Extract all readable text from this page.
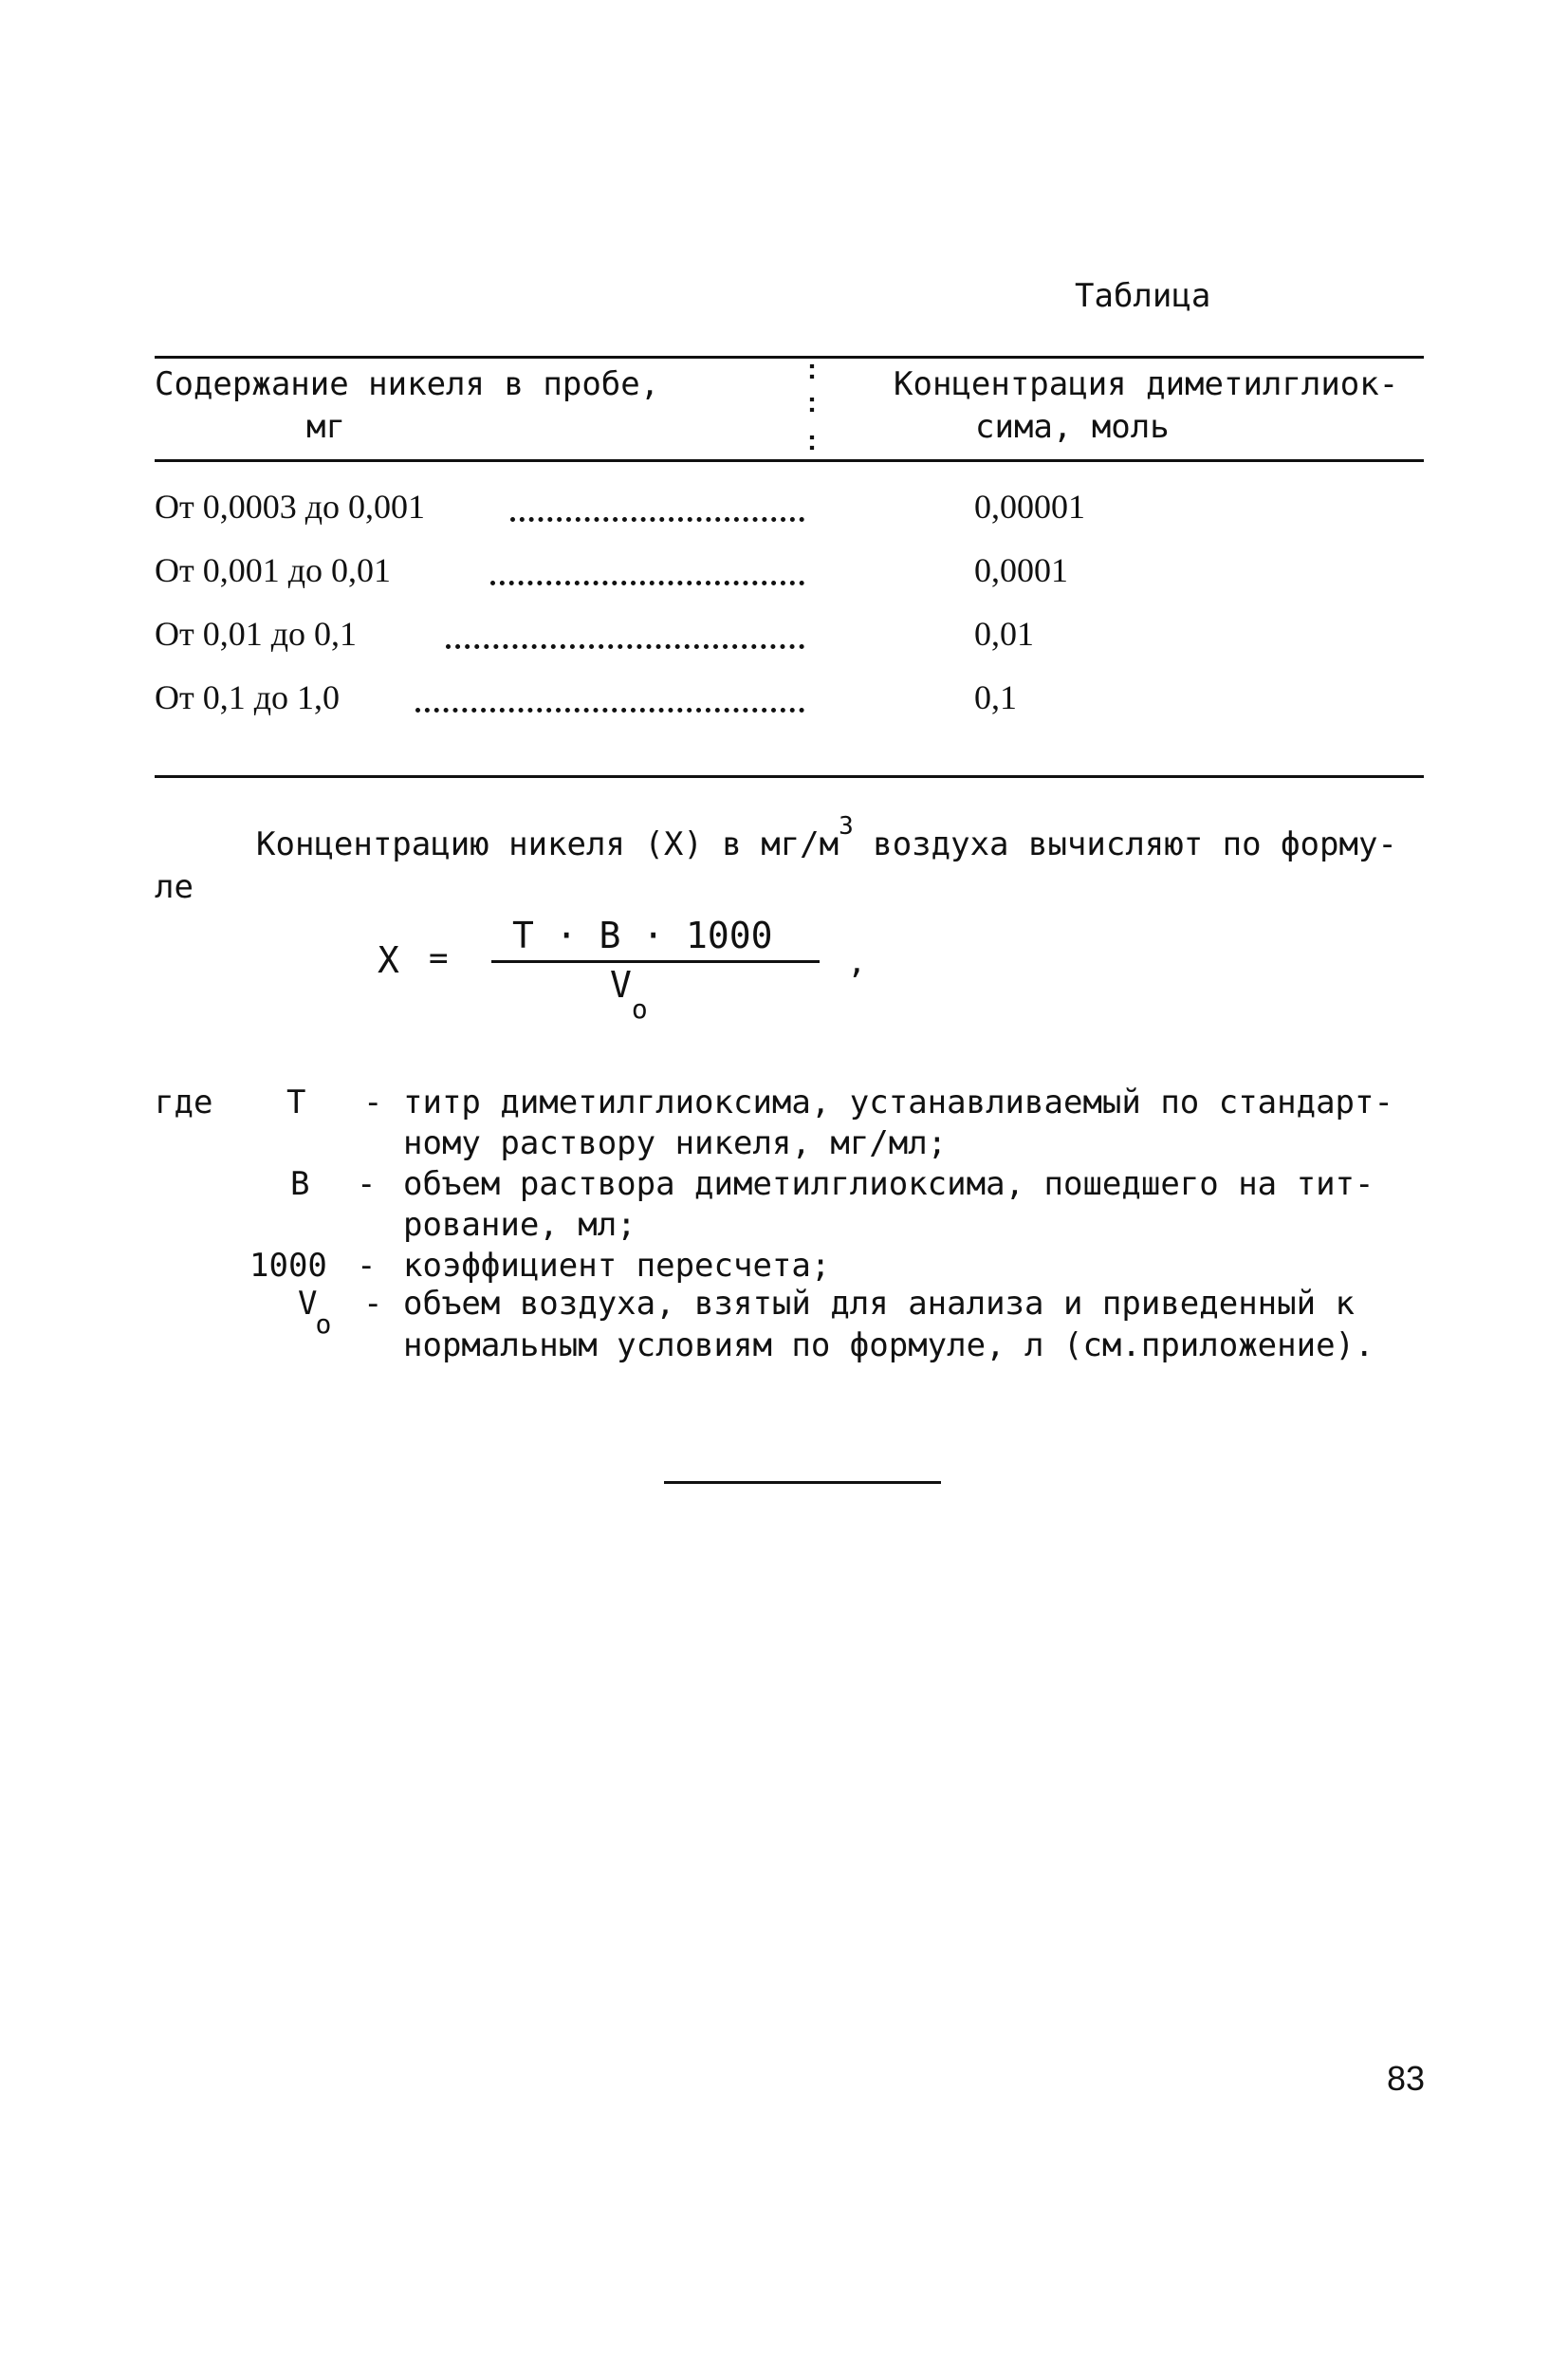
Таблица
Содержание никеля в пробе,
мг
:
:
:
Концентрация диметилглиок-
сима, моль
От 0,0003 до 0,001	0,00001
От 0,001 до 0,01	0,0001
От 0,01 до 0,1	0,01
От 0,1 до 1,0	0,1
Концентрацию никеля (X) в $мг/м^3$ воздуха вычисляют по форму-
ле
X =
T · B · 1000
$V_o$
,
где T - титр диметилглиоксима, устанавливаемый по стандарт-
ному раствору никеля, мг/мл;
B - объем раствора диметилглиоксима, пошедшего на тит-
рование, мл;
1000 - коэффициент пересчета;
$V_o$
- объем воздуха, взятый для анализа и приведенный к
нормальным условиям по формуле, л (см.приложение).
83
